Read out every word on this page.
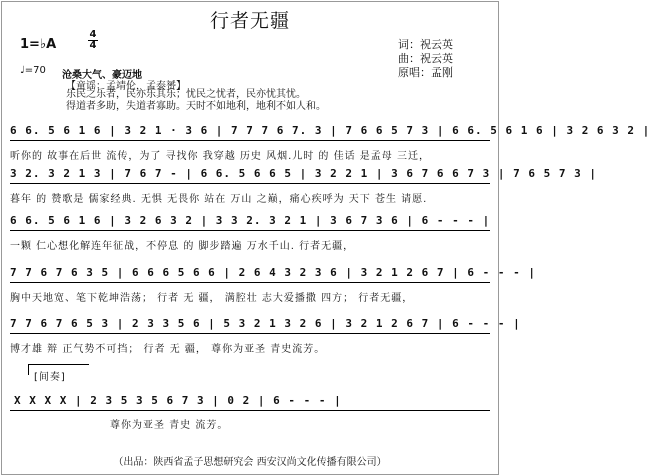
行者无疆
1=♭A
4
4	词：祝云英
曲：祝云英
原唱：孟刚
♩=70 沧桑大气、豪迈地
【童谣：孟靖伦，孟泰赟】
乐民之乐者，民亦乐其乐；忧民之忧者，民亦忧其忧。
得道者多助，失道者寡助。天时不如地利，地利不如人和。
6 6. 5 6 1 6 | 3 2 1 · 3 6 | 7 7 7 6 7. 3 | 7 6 6 5 7 3 | 6 6. 5 6 1 6 | 3 2 6 3 2 |
听你的 故事在后世 流传，为了 寻找你 我穿越 历史 风烟.儿时 的 佳话 是孟母 三迁，
3 2. 3 2 1 3 | 7 6 7 - | 6 6. 5 6 6 5 | 3 2 2 1 | 3 6 7 6 6 7 3 | 7 6 5 7 3 |
暮年 的 赞歌是 儒家经典. 无惧 无畏你 站在 万山 之巅，痛心疾呼为 天下 苍生 请愿.
6 6. 5 6 1 6 | 3 2 6 3 2 | 3 3 2. 3 2 1 | 3 6 7 3 6 | 6 - - - |
一颗 仁心想化解连年征战，不停息 的 脚步踏遍 万水千山. 行者无疆，
7 7 6 7 6 3 5 | 6 6 6 5 6 6 | 2 6 4 3 2 3 6 | 3 2 1 2 6 7 | 6 - - - |
胸中天地宽、笔下乾坤浩荡； 行者 无 疆， 满腔壮 志大爱播撒 四方； 行者无疆，
7 7 6 7 6 5 3 | 2 3 3 5 6 | 5 3 2 1 3 2 6 | 3 2 1 2 6 7 | 6 - - - |
博才雄 辩 正气势不可挡； 行者 无 疆， 尊你为亚圣 青史流芳。
[间奏]
X X X X | 2 3 5 3 5 6 7 3 | 0 2 | 6 - - - |
尊你为亚圣 青史 流芳。
（出品：陕西省孟子思想研究会 西安汉尚文化传播有限公司）
